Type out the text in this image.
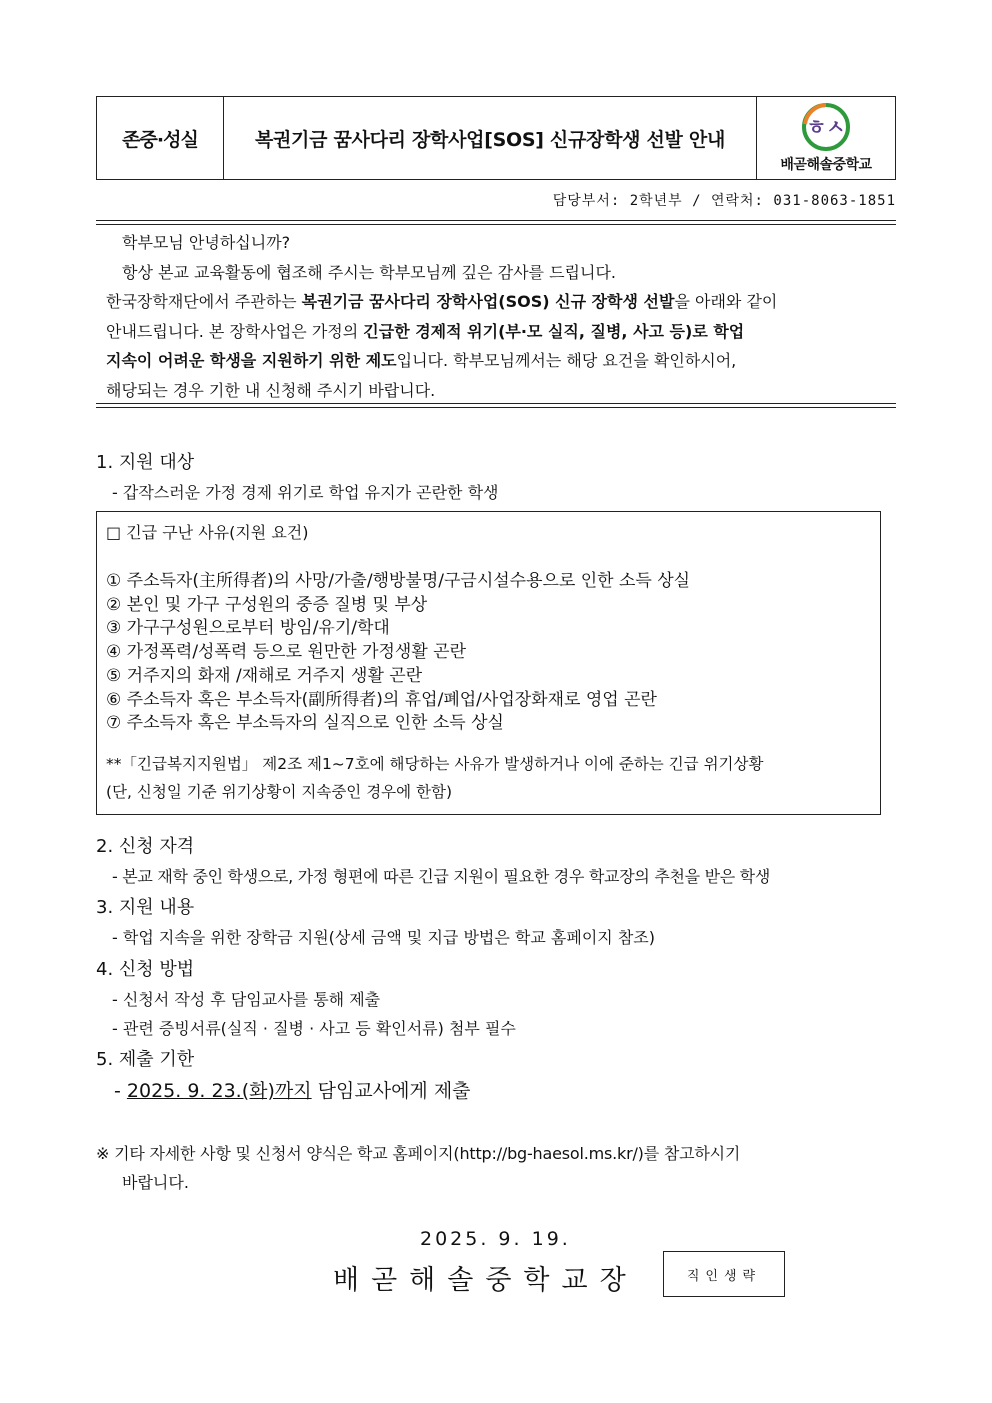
존중·성실	복권기금 꿈사다리 장학사업[SOS] 신규장학생 선발 안내
ㅎㅅ
배곧해솔중학교
담당부서: 2학년부 / 연락처: 031-8063-1851

학부모님 안녕하십니까?

항상 본교 교육활동에 협조해 주시는 학부모님께 깊은 감사를 드립니다.

한국장학재단에서 주관하는 복권기금 꿈사다리 장학사업(SOS) 신규 장학생 선발을 아래와 같이

안내드립니다. 본 장학사업은 가정의 긴급한 경제적 위기(부·모 실직, 질병, 사고 등)로 학업

지속이 어려운 학생을 지원하기 위한 제도입니다. 학부모님께서는 해당 요건을 확인하시어,

해당되는 경우 기한 내 신청해 주시기 바랍니다.

1. 지원 대상
- 갑작스러운 가정 경제 위기로 학업 유지가 곤란한 학생
□ 긴급 구난 사유(지원 요건)
① 주소득자(主所得者)의 사망/가출/행방불명/구금시설수용으로 인한 소득 상실
② 본인 및 가구 구성원의 중증 질병 및 부상
③ 가구구성원으로부터 방임/유기/학대
④ 가정폭력/성폭력 등으로 원만한 가정생활 곤란
⑤ 거주지의 화재 /재해로 거주지 생활 곤란
⑥ 주소득자 혹은 부소득자(副所得者)의 휴업/폐업/사업장화재로 영업 곤란
⑦ 주소득자 혹은 부소득자의 실직으로 인한 소득 상실
**「긴급복지지원법」 제2조 제1~7호에 해당하는 사유가 발생하거나 이에 준하는 긴급 위기상황
(단, 신청일 기준 위기상황이 지속중인 경우에 한함)
2. 신청 자격
- 본교 재학 중인 학생으로, 가정 형편에 따른 긴급 지원이 필요한 경우 학교장의 추천을 받은 학생
3. 지원 내용
- 학업 지속을 위한 장학금 지원(상세 금액 및 지급 방법은 학교 홈페이지 참조)
4. 신청 방법
- 신청서 작성 후 담임교사를 통해 제출
- 관련 증빙서류(실직 · 질병 · 사고 등 확인서류) 첨부 필수
5. 제출 기한
- 2025. 9. 23.(화)까지 담임교사에게 제출
※ 기타 자세한 사항 및 신청서 양식은 학교 홈페이지(http://bg-haesol.ms.kr/)를 참고하시기
바랍니다.
2025. 9. 19.
배곧해솔중학교장	직인생략
